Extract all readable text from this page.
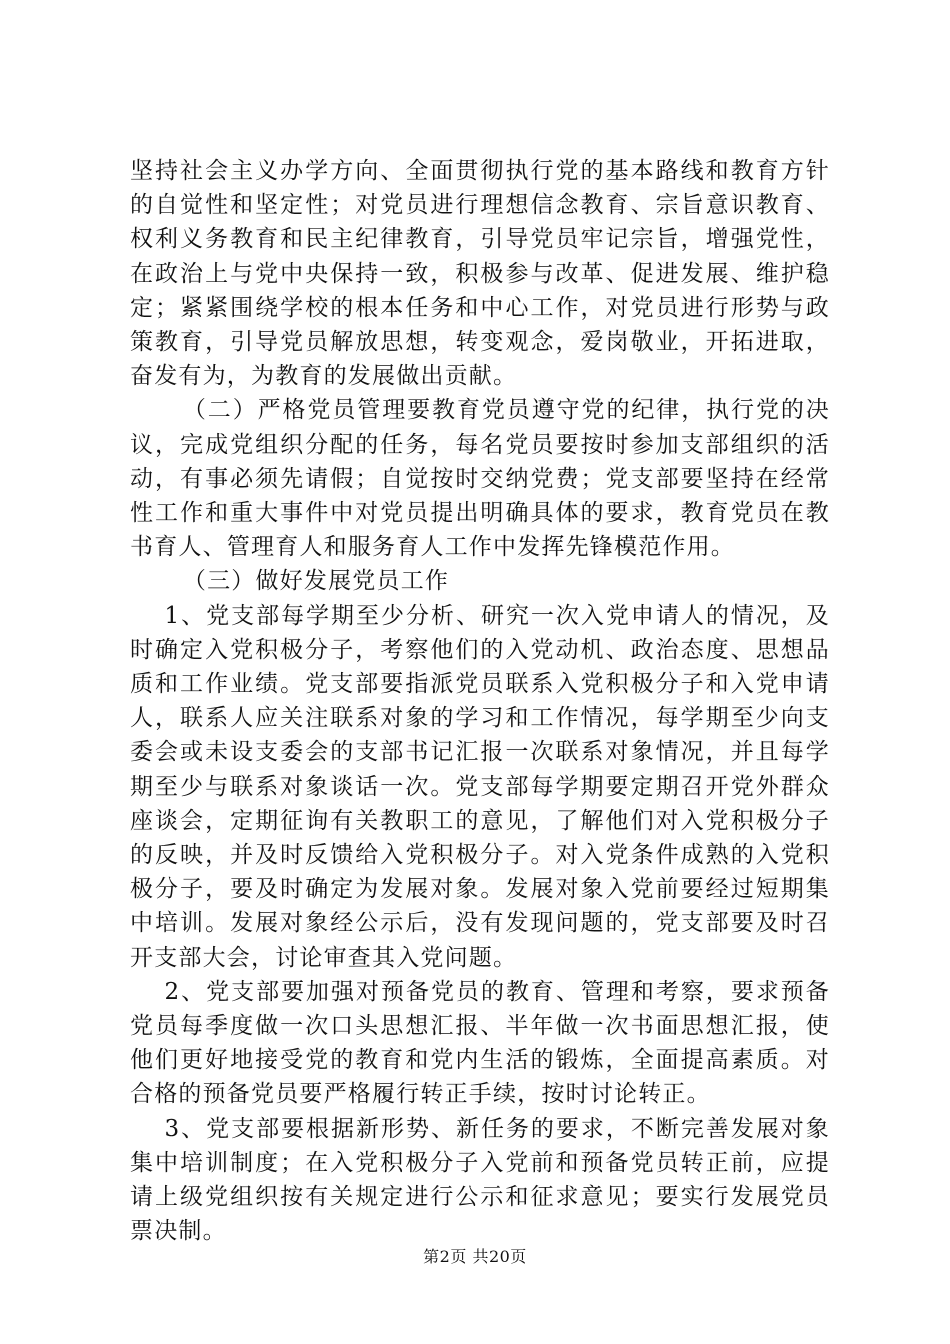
坚持社会主义办学方向、全面贯彻执行党的基本路线和教育方针的自觉性和坚定性；对党员进行理想信念教育、宗旨意识教育、权利义务教育和民主纪律教育，引导党员牢记宗旨，增强党性，在政治上与党中央保持一致，积极参与改革、促进发展、维护稳定；紧紧围绕学校的根本任务和中心工作，对党员进行形势与政策教育，引导党员解放思想，转变观念，爱岗敬业，开拓进取，奋发有为，为教育的发展做出贡献。

（二）严格党员管理要教育党员遵守党的纪律，执行党的决议，完成党组织分配的任务，每名党员要按时参加支部组织的活动，有事必须先请假；自觉按时交纳党费；党支部要坚持在经常性工作和重大事件中对党员提出明确具体的要求，教育党员在教书育人、管理育人和服务育人工作中发挥先锋模范作用。

（三）做好发展党员工作

1、党支部每学期至少分析、研究一次入党申请人的情况，及时确定入党积极分子，考察他们的入党动机、政治态度、思想品质和工作业绩。党支部要指派党员联系入党积极分子和入党申请人，联系人应关注联系对象的学习和工作情况，每学期至少向支委会或未设支委会的支部书记汇报一次联系对象情况，并且每学期至少与联系对象谈话一次。党支部每学期要定期召开党外群众座谈会，定期征询有关教职工的意见，了解他们对入党积极分子的反映，并及时反馈给入党积极分子。对入党条件成熟的入党积极分子，要及时确定为发展对象。发展对象入党前要经过短期集中培训。发展对象经公示后，没有发现问题的，党支部要及时召开支部大会，讨论审查其入党问题。

2、党支部要加强对预备党员的教育、管理和考察，要求预备党员每季度做一次口头思想汇报、半年做一次书面思想汇报，使他们更好地接受党的教育和党内生活的锻炼，全面提高素质。对合格的预备党员要严格履行转正手续，按时讨论转正。

3、党支部要根据新形势、新任务的要求，不断完善发展对象集中培训制度；在入党积极分子入党前和预备党员转正前，应提请上级党组织按有关规定进行公示和征求意见；要实行发展党员票决制。

第2页 共20页
